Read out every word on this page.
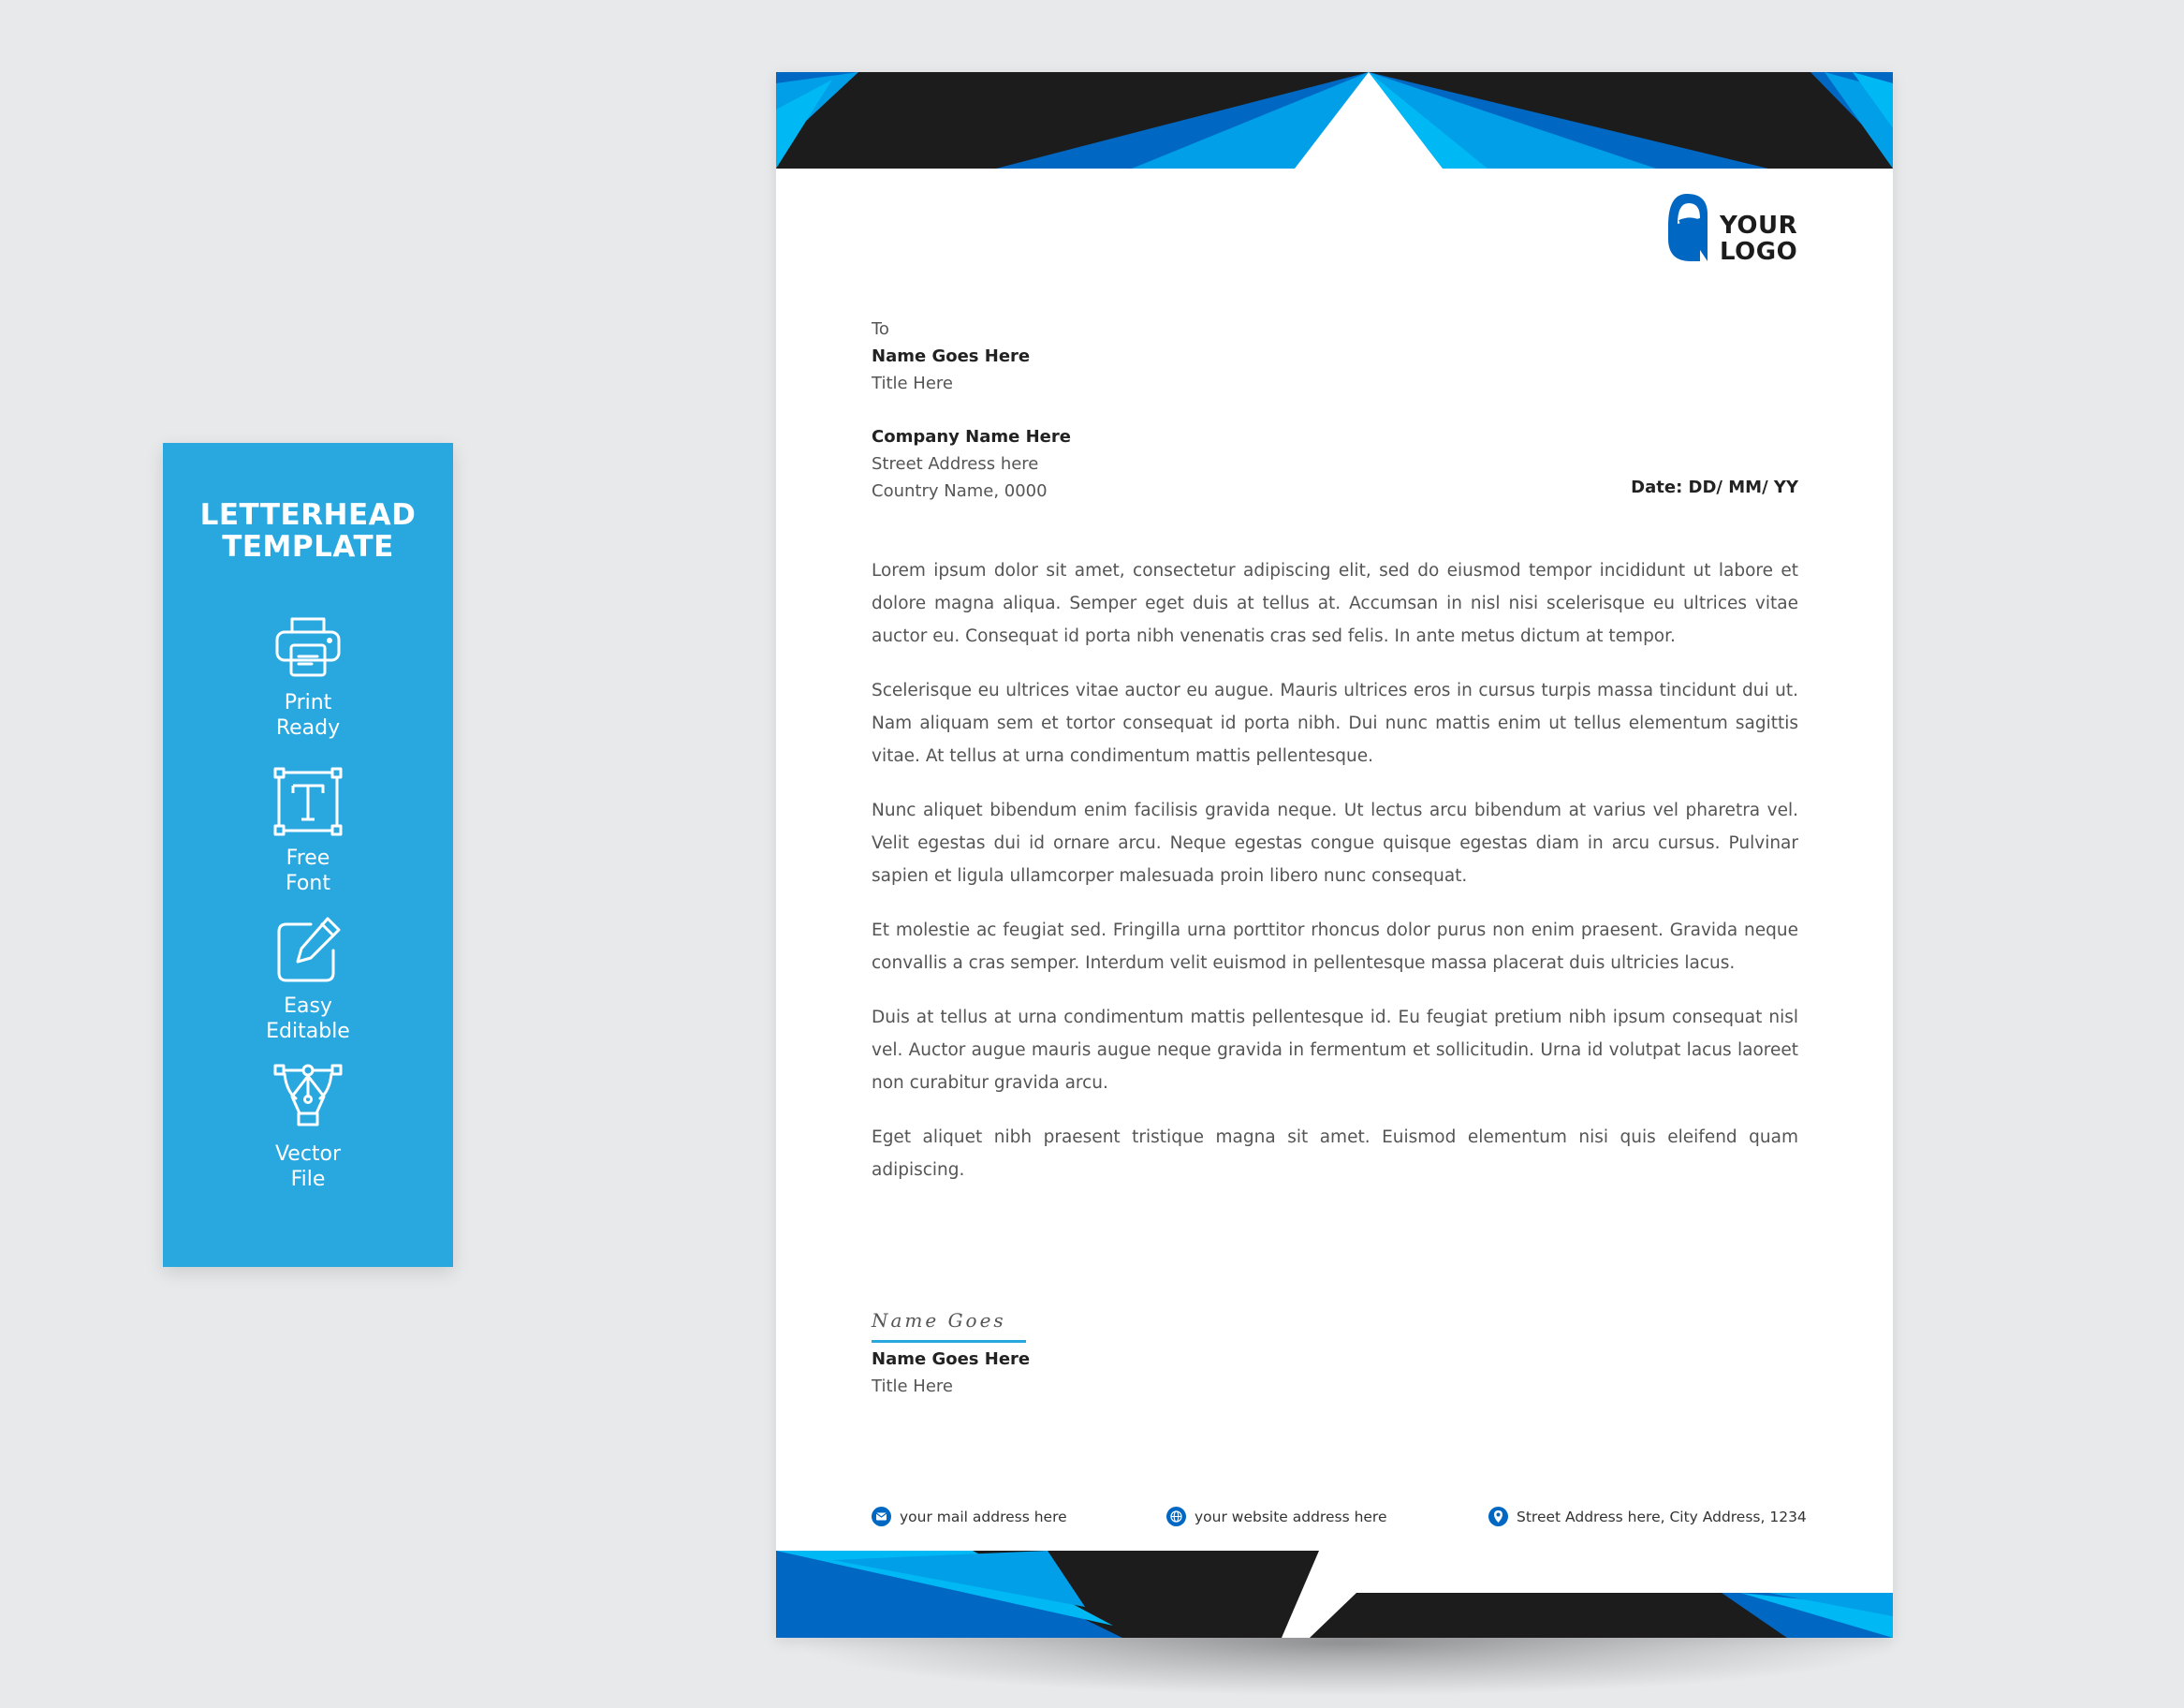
LETTERHEAD
TEMPLATE
Print
Ready
Free
Font
Easy
Editable
Vector
File
YOUR
LOGO
To
Name Goes Here
Title Here
Company Name Here
Street Address here
Country Name, 0000	Date: DD/ MM/ YY

Lorem ipsum dolor sit amet, consectetur adipiscing elit, sed do eiusmod tempor incididunt ut labore et dolore magna aliqua. Semper eget duis at tellus at. Accumsan in nisl nisi scelerisque eu ultrices vitae auctor eu. Consequat id porta nibh venenatis cras sed felis. In ante metus dictum at tempor.

Scelerisque eu ultrices vitae auctor eu augue. Mauris ultrices eros in cursus turpis massa tincidunt dui ut. Nam aliquam sem et tortor consequat id porta nibh. Dui nunc mattis enim ut tellus elementum sagittis vitae. At tellus at urna condimentum mattis pellentesque.

Nunc aliquet bibendum enim facilisis gravida neque. Ut lectus arcu bibendum at varius vel pharetra vel. Velit egestas dui id ornare arcu. Neque egestas congue quisque egestas diam in arcu cursus. Pulvinar sapien et ligula ullamcorper malesuada proin libero nunc consequat.

Et molestie ac feugiat sed. Fringilla urna porttitor rhoncus dolor purus non enim praesent. Gravida neque convallis a cras semper. Interdum velit euismod in pellentesque massa placerat duis ultricies lacus.

Duis at tellus at urna condimentum mattis pellentesque id. Eu feugiat pretium nibh ipsum consequat nisl vel. Auctor augue mauris augue neque gravida in fermentum et sollicitudin. Urna id volutpat lacus laoreet non curabitur gravida arcu.

Eget aliquet nibh praesent tristique magna sit amet. Euismod elementum nisi quis eleifend quam adipiscing.

Name Goes
Name Goes Here
Title Here
your mail address here	your website address here	Street Address here, City Address, 1234
